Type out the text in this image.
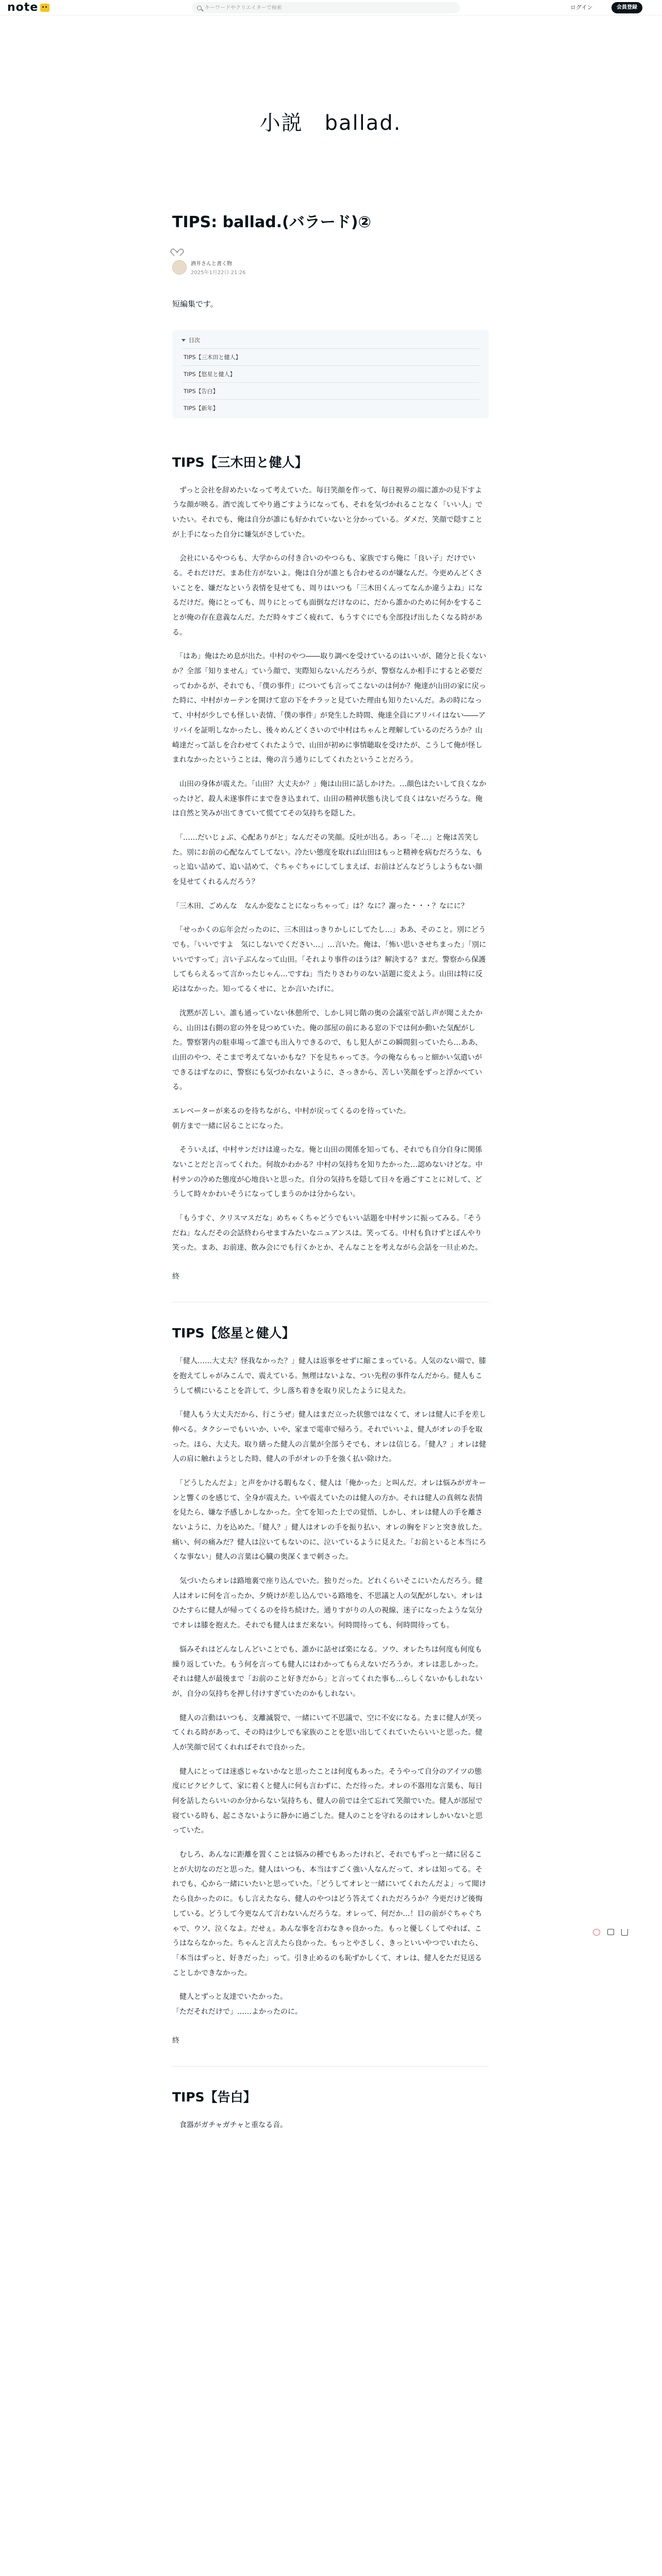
note
キーワードやクリエイターで検索	ログイン	会員登録
小説　ballad.
TIPS: ballad.(バラード)②
酒井さんと書く物
2025年1月22日 21:26

短編集です。

目次
TIPS【三木田と健人】
TIPS【悠星と健人】
TIPS【告白】
TIPS【新年】
TIPS【三木田と健人】

　ずっと会社を辞めたいなって考えていた。毎日笑顔を作って、毎日視界の端に誰かの見下すような顔が映る。酒で流してやり過ごすようになっても、それを気づかれることなく「いい人」でいたい。それでも、俺は自分が誰にも好かれていないと分かっている。ダメだ、笑顔で隠すことが上手になった自分に嫌気がさしていた。

　会社にいるやつらも、大学からの付き合いのやつらも、家族ですら俺に「良い子」だけでいる。それだけだ。まあ仕方がないよ。俺は自分が誰とも合わせるのが嫌なんだ。今更めんどくさいことを、嫌だなという表情を見せても、周りはいつも「三木田くんってなんか違うよね」になるだけだ。俺にとっても、周りにとっても面倒なだけなのに、だから誰かのために何かをすることが俺の存在意義なんだ。ただ時々すごく疲れて、もうすぐにでも全部投げ出したくなる時がある。

　「はあ」俺はため息が出た。中村のやつ――取り調べを受けているのはいいが、随分と長くないか？全部「知りません」ていう顔で、実際知らないんだろうが、警察なんか相手にすると必要だってわかるが、それでも、「僕の事件」についても言ってこないのは何か？俺達が山田の家に戻った時に、中村がカーテンを開けて窓の下をチラッと見ていた理由も知りたいんだ。あの時になって、中村が少しでも怪しい表情、「僕の事件」が発生した時間、俺達全員にアリバイはない――アリバイを証明しなかったし、後々めんどくさいので中村はちゃんと理解しているのだろうか？山崎達だって話しを合わせてくれたようで、山田が初めに事情聴取を受けたが、こうして俺が怪しまれなかったということは、俺の言う通りにしてくれたということだろう。

　山田の身体が震えた。「山田？大丈夫か？」俺は山田に話しかけた。…顔色はたいして良くなかったけど、殺人未遂事件にまで巻き込まれて、山田の精神状態も決して良くはないだろうな。俺は自然と笑みが出てきていて慌ててその気持ちを隠した。

　「……だいじょぶ、心配ありがと」なんだその笑顔。反吐が出る。あっ「そ…」と俺は苦笑した。別にお前の心配なんてしてない。冷たい態度を取れば山田はもっと精神を病むだろうな、もっと追い詰めて、追い詰めて、ぐちゃぐちゃにしてしまえば、お前はどんなどうしようもない顔を見せてくれるんだろう？

「三木田、ごめんな　なんか変なことになっちゃって」は？なに？謝った・・・？なにに？

　「せっかくの忘年会だったのに、三木田はっきりかしにしてたし…」ああ、そのこと。別にどうでも。「いいですよ　気にしないでください…」…言いた。俺は、「怖い思いさせちまった」「別にいいですって」言い子ぶんなって山田。「それより事件のほうは？解決する？まだ。警察から保護してもらえるって言かったじゃん…ですね」当たりさわりのない話題に変えよう。山田は特に反応はなかった。知ってるくせに、とか言いたげに。

　沈黙が苦しい。誰も通っていない休憩所で、しかし同じ階の奥の会議室で話し声が聞こえたから、山田は右側の窓の外を見つめていた。俺の部屋の前にある窓の下では何か動いた気配がした。警察署内の駐車場って誰でも出入りできるので、もし犯人がこの瞬間狙っていたら…ああ、山田のやつ、そこまで考えてないかもな？下を見ちゃってさ。今の俺ならもっと細かい気遣いができるはずなのに、警察にも気づかれないように、さっきから、苦しい笑顔をずっと浮かべている。

エレベーターが来るのを待ちながら、中村が戻ってくるのを待っていた。
朝方まで一緒に居ることになった。

　そういえば、中村サンだけは違ったな。俺と山田の関係を知っても、それでも自分自身に関係ないことだと言ってくれた。何故かわかる？中村の気持ちを知りたかった…認めないけどな。中村サンの冷めた態度が心地良いと思った。自分の気持ちを隠して日々を過ごすことに対して、どうして時々かわいそうになってしまうのかは分からない。

　「もうすぐ、クリスマスだな」めちゃくちゃどうでもいい話題を中村サンに振ってみる。「そうだね」なんだその会話終わらせますみたいなニュアンスは。笑ってる。中村も負けずとぼんやり笑った。まあ、お前達、飲み会にでも行くかとか、そんなことを考えながら会話を一旦止めた。

終

TIPS【悠星と健人】

　「健人……大丈夫？怪我なかった？」健人は返事をせずに縮こまっている。人気のない端で、膝を抱えてしゃがみこんで、震えている。無理はないよな、つい先程の事件なんだから。健人もこうして横にいることを許して、少し落ち着きを取り戻したように見えた。

　「健人もう大丈夫だから、行こうぜ」健人はまだ立った状態ではなくて、オレは健人に手を差し伸べる。タクシーでもいいか、いや、家まで電車で帰ろう。それでいいよ、健人がオレの手を取った。ほら、大丈夫。取り繕った健人の言葉が全部うそでも、オレは信じる。「健人？」オレは健人の肩に触れようとした時、健人の手がオレの手を強く払い除けた。

　「どうしたんだよ」と声をかける暇もなく、健人は「俺かった」と叫んだ。オレは悩みがガキーンと響くのを感じて、全身が震えた。いや震えていたのは健人の方か。それは健人の真剣な表情を見たら、嫌な予感しかしなかった。全てを知った上での覚悟、しかし、オレは健人の手を離さないように、力を込めた。「健人？」健人はオレの手を振り払い、オレの胸をドンと突き放した。痛い、何の痛みだ？健人は泣いてもないのに、泣いているように見えた。「お前といると本当にろくな事ない」健人の言葉は心臓の奥深くまで刺さった。

　気づいたらオレは路地裏で座り込んでいた。独りだった。どれくらいそこにいたんだろう。健人はオレに何を言ったか、夕焼けが差し込んでいる路地を、不思議と人の気配がしない。オレはひたすらに健人が帰ってくるのを待ち続けた。通りすがりの人の視線、迷子になったような気分でオレは膝を抱えた。それでも健人はまだ来ない。何時間待っても、何時間待っても。

　悩みそれはどんなしんどいことでも、誰かに話せば楽になる。ソウ、オレたちは何度も何度も繰り返していた。もう何を言っても健人にはわかってもらえないだろうか。オレは悲しかった。それは健人が最後まで「お前のこと好きだから」と言ってくれた事も…らしくないかもしれないが、自分の気持ちを押し付けすぎていたのかもしれない。

　健人の言動はいつも、支離滅裂で、一緒にいて不思議で、空に不安になる。たまに健人が笑ってくれる時があって、その時は少しでも家族のことを思い出してくれていたらいいと思った。健人が笑顔で居てくれればそれで良かった。

　健人にとっては迷惑じゃないかなと思ったことは何度もあった。そうやって自分のアイツの態度にビクビクして、家に着くと健人に何も言わずに、ただ待った。オレの不器用な言葉も、毎日何を話したらいいのか分からない気持ちも、健人の前では全て忘れて笑顔でいた。健人が部屋で寝ている時も、起こさないように静かに過ごした。健人のことを守れるのはオレしかいないと思っていた。

　むしろ、あんなに距離を置くことは悩みの種でもあったけれど、それでもずっと一緒に居ることが大切なのだと思った。健人はいつも、本当はすごく強い人なんだって、オレは知ってる。それでも、心から一緒にいたいと思っていた。「どうしてオレと一緒にいてくれたんだよ」って聞けたら良かったのに。もし言えたなら、健人のやつはどう答えてくれただろうか？今更だけど後悔している。どうして今更なんて言わないんだろうな。オレって、何だか…！目の前がぐちゃぐちゃで、ウソ、泣くなよ。だせぇ。あんな事を言わなきゃ良かった。もっと優しくしてやれば、こうはならなかった。ちゃんと言えたら良かった。もっとやさしく、きっといいやつでいれたら、「本当はずっと、好きだった」って。引き止めるのも恥ずかしくて、オレは、健人をただ見送ることしかできなかった。

　健人とずっと友達でいたかった。
「ただそれだけで」……よかったのに。

終

TIPS【告白】

　食器がガチャガチャと重なる音。
